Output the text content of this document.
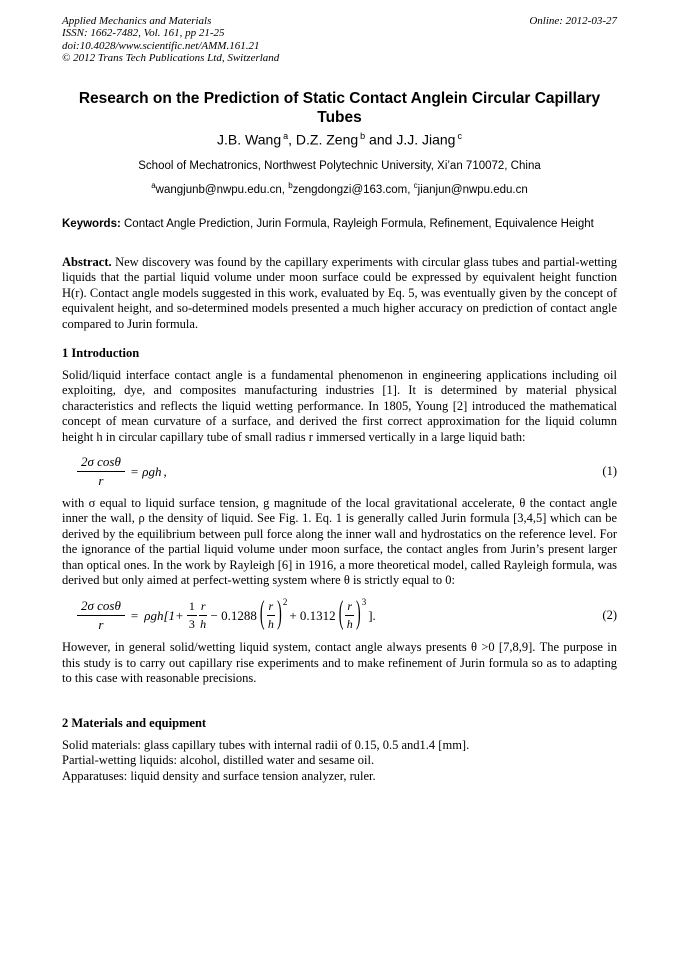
Applied Mechanics and Materials
ISSN: 1662-7482, Vol. 161, pp 21-25
doi:10.4028/www.scientific.net/AMM.161.21
© 2012 Trans Tech Publications Ltd, Switzerland
Online: 2012-03-27
Research on the Prediction of Static Contact Anglein Circular Capillary Tubes
J.B. Wang $^a$, D.Z. Zeng $^b$ and J.J. Jiang $^c$
School of Mechatronics, Northwest Polytechnic University, Xi’an 710072, China
$^a$wangjunb@nwpu.edu.cn, $^b$zengdongzi@163.com, $^c$jianjun@nwpu.edu.cn

Keywords: Contact Angle Prediction, Jurin Formula, Rayleigh Formula, Refinement, Equivalence Height

Abstract. New discovery was found by the capillary experiments with circular glass tubes and partial-wetting liquids that the partial liquid volume under moon surface could be expressed by equivalent height function H(r). Contact angle models suggested in this work, evaluated by Eq. 5, was eventually given by the concept of equivalent height, and so-determined models presented a much higher accuracy on prediction of contact angle compared to Jurin formula.

1 Introduction

Solid/liquid interface contact angle is a fundamental phenomenon in engineering applications including oil exploiting, dye, and composites manufacturing industries [1]. It is determined by material physical characteristics and reflects the liquid wetting performance. In 1805, Young [2] introduced the mathematical concept of mean curvature of a surface, and derived the first correct approximation for the liquid column height h in circular capillary tube of small radius r immersed vertically in a large liquid bath:

$\frac{\text{2σ cosθ}}{r} = \rho gh$ ,	(1)

with σ equal to liquid surface tension, g magnitude of the local gravitational accelerate, θ the contact angle inner the wall, ρ the density of liquid. See Fig. 1. Eq. 1 is generally called Jurin formula [3,4,5] which can be derived by the equilibrium between pull force along the inner wall and hydrostatics on the reference level. For the ignorance of the partial liquid volume under moon surface, the contact angles from Jurin’s present larger than optical ones. In the work by Rayleigh [6] in 1916, a more theoretical model, called Rayleigh formula, was derived but only aimed at perfect-wetting system where θ is strictly equal to 0:

$\frac{\text{2σ cosθ}}{r} = \rho gh[1+ \frac{1}{3} \frac{r}{h} - 0.1288$ ( $\frac{r}{h}$ ) 2
+ 0.1312 ( $\frac{r}{h}$ ) 3
].	(2)

However, in general solid/wetting liquid system, contact angle always presents θ >0 [7,8,9]. The purpose in this study is to carry out capillary rise experiments and to make refinement of Jurin formula so as to adapting to this case with reasonable precisions.

2 Materials and equipment
Solid materials: glass capillary tubes with internal radii of 0.15, 0.5 and1.4 [mm].
Partial-wetting liquids: alcohol, distilled water and sesame oil.
Apparatuses: liquid density and surface tension analyzer, ruler.
